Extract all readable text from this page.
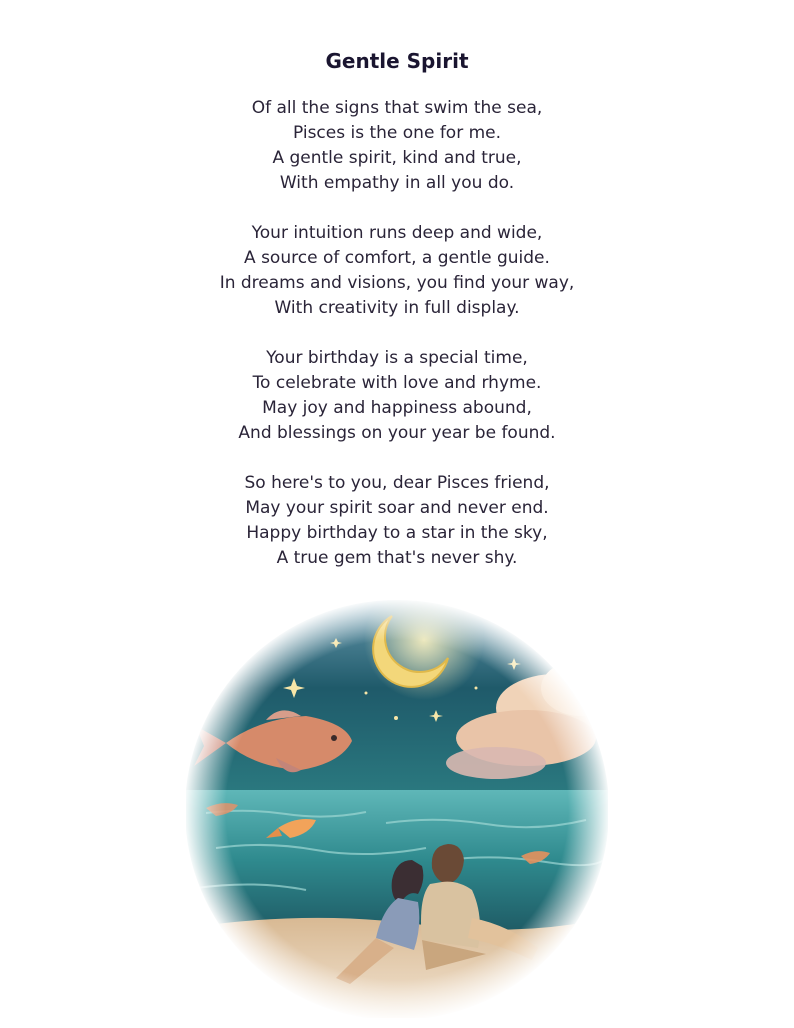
Gentle Spirit
Of all the signs that swim the sea,
Pisces is the one for me.
A gentle spirit, kind and true,
With empathy in all you do.
Your intuition runs deep and wide,
A source of comfort, a gentle guide.
In dreams and visions, you find your way,
With creativity in full display.
Your birthday is a special time,
To celebrate with love and rhyme.
May joy and happiness abound,
And blessings on your year be found.
So here's to you, dear Pisces friend,
May your spirit soar and never end.
Happy birthday to a star in the sky,
A true gem that's never shy.
